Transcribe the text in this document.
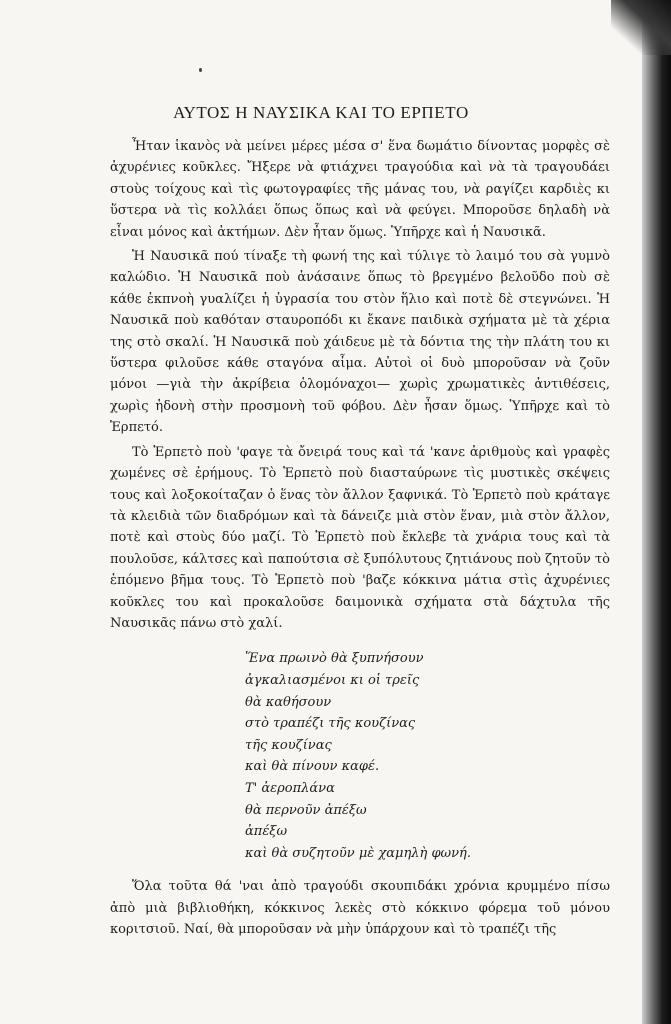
ΑΥΤΟΣ Η ΝΑΥΣΙΚΑ ΚΑΙ ΤΟ ΕΡΠΕΤΟ

Ἦταν ἱκανὸς νὰ μείνει μέρες μέσα σ' ἕνα δωμάτιο δίνοντας μορφὲς σὲ ἀχυρένιες κοῦκλες. Ἤξερε νὰ φτιάχνει τραγούδια καὶ νὰ τὰ τραγουδάει στοὺς τοίχους καὶ τὶς φωτογραφίες τῆς μάνας του, νὰ ραγίζει καρδιὲς κι ὕστερα νὰ τὶς κολλάει ὅπως ὅπως καὶ νὰ φεύγει. Μποροῦσε δηλαδὴ νὰ εἶναι μόνος καὶ ἀκτήμων. Δὲν ἦταν ὅμως. Ὑπῆρχε καὶ ἡ Ναυσικᾶ.

Ἡ Ναυσικᾶ πού τίναξε τὴ φωνή της καὶ τύλιγε τὸ λαιμό του σὰ γυμνὸ καλώδιο. Ἡ Ναυσικᾶ ποὺ ἀνάσαινε ὅπως τὸ βρεγμένο βελοῦδο ποὺ σὲ κάθε ἐκπνοὴ γυαλίζει ἡ ὑγρασία του στὸν ἥλιο καὶ ποτὲ δὲ στεγνώνει. Ἡ Ναυσικᾶ ποὺ καθόταν σταυροπόδι κι ἔκανε παιδικὰ σχήματα μὲ τὰ χέρια της στὸ σκαλί. Ἡ Ναυσικᾶ ποὺ χάιδευε μὲ τὰ δόντια της τὴν πλάτη του κι ὕστερα φιλοῦσε κάθε σταγόνα αἷμα. Αὐτοὶ οἱ δυὸ μποροῦσαν νὰ ζοῦν μόνοι —γιὰ τὴν ἀκρίβεια ὁλομόναχοι— χωρὶς χρωματικὲς ἀντιθέσεις, χωρὶς ἡδονὴ στὴν προσμονὴ τοῦ φόβου. Δὲν ἦσαν ὅμως. Ὑπῆρχε καὶ τὸ Ἑρπετό.

Τὸ Ἑρπετὸ ποὺ 'φαγε τὰ ὄνειρά τους καὶ τά 'κανε ἀριθμοὺς καὶ γραφὲς χωμένες σὲ ἐρήμους. Τὸ Ἑρπετὸ ποὺ διασταύρωνε τὶς μυστικὲς σκέψεις τους καὶ λοξοκοίταζαν ὁ ἕνας τὸν ἄλλον ξαφνικά. Τὸ Ἑρπετὸ ποὺ κράταγε τὰ κλειδιὰ τῶν διαδρόμων καὶ τὰ δάνειζε μιὰ στὸν ἕναν, μιὰ στὸν ἄλλον, ποτὲ καὶ στοὺς δύο μαζί. Τὸ Ἑρπετὸ ποὺ ἔκλεβε τὰ χνάρια τους καὶ τὰ πουλοῦσε, κάλτσες καὶ παπούτσια σὲ ξυπόλυτους ζητιάνους ποὺ ζητοῦν τὸ ἑπόμενο βῆμα τους. Τὸ Ἑρπετὸ ποὺ 'βαζε κόκκινα μάτια στὶς ἀχυρένιες κοῦκλες του καὶ προκαλοῦσε δαιμονικὰ σχήματα στὰ δάχτυλα τῆς Ναυσικᾶς πάνω στὸ χαλί.

Ἕνα πρωινὸ θὰ ξυπνήσουν
ἀγκαλιασμένοι κι οἱ τρεῖς
θὰ καθήσουν
στὸ τραπέζι τῆς κουζίνας
τῆς κουζίνας
καὶ θὰ πίνουν καφέ.
Τ' ἀεροπλάνα
θὰ περνοῦν ἀπέξω
ἀπέξω
καὶ θὰ συζητοῦν μὲ χαμηλὴ φωνή.

Ὅλα τοῦτα θά 'ναι ἀπὸ τραγούδι σκουπιδάκι χρόνια κρυμμένο πίσω ἀπὸ μιὰ βιβλιοθήκη, κόκκινος λεκὲς στὸ κόκκινο φόρεμα τοῦ μόνου κοριτσιοῦ. Ναί, θὰ μποροῦσαν νὰ μὴν ὑπάρχουν καὶ τὸ τραπέζι τῆς
